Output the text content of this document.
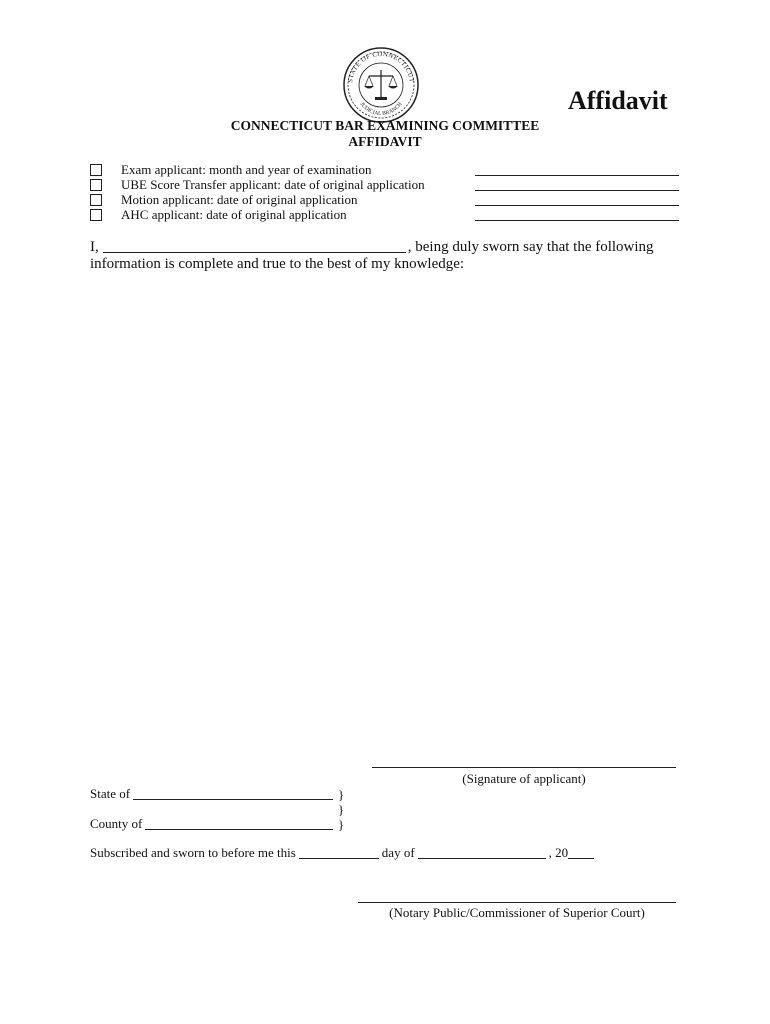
STATE OF CONNECTICUT
JUDICIAL BRANCH	Affidavit
CONNECTICUT BAR EXAMINING COMMITTEE
AFFIDAVIT
Exam applicant: month and year of examination
UBE Score Transfer applicant: date of original application
Motion applicant: date of original application
AHC applicant: date of original application
I,	, being duly sworn say that the following
information is complete and true to the best of my knowledge:
(Signature of applicant)
State of	}
}
County of	}
Subscribed and sworn to before me this	day of	, 20
(Notary Public/Commissioner of Superior Court)
